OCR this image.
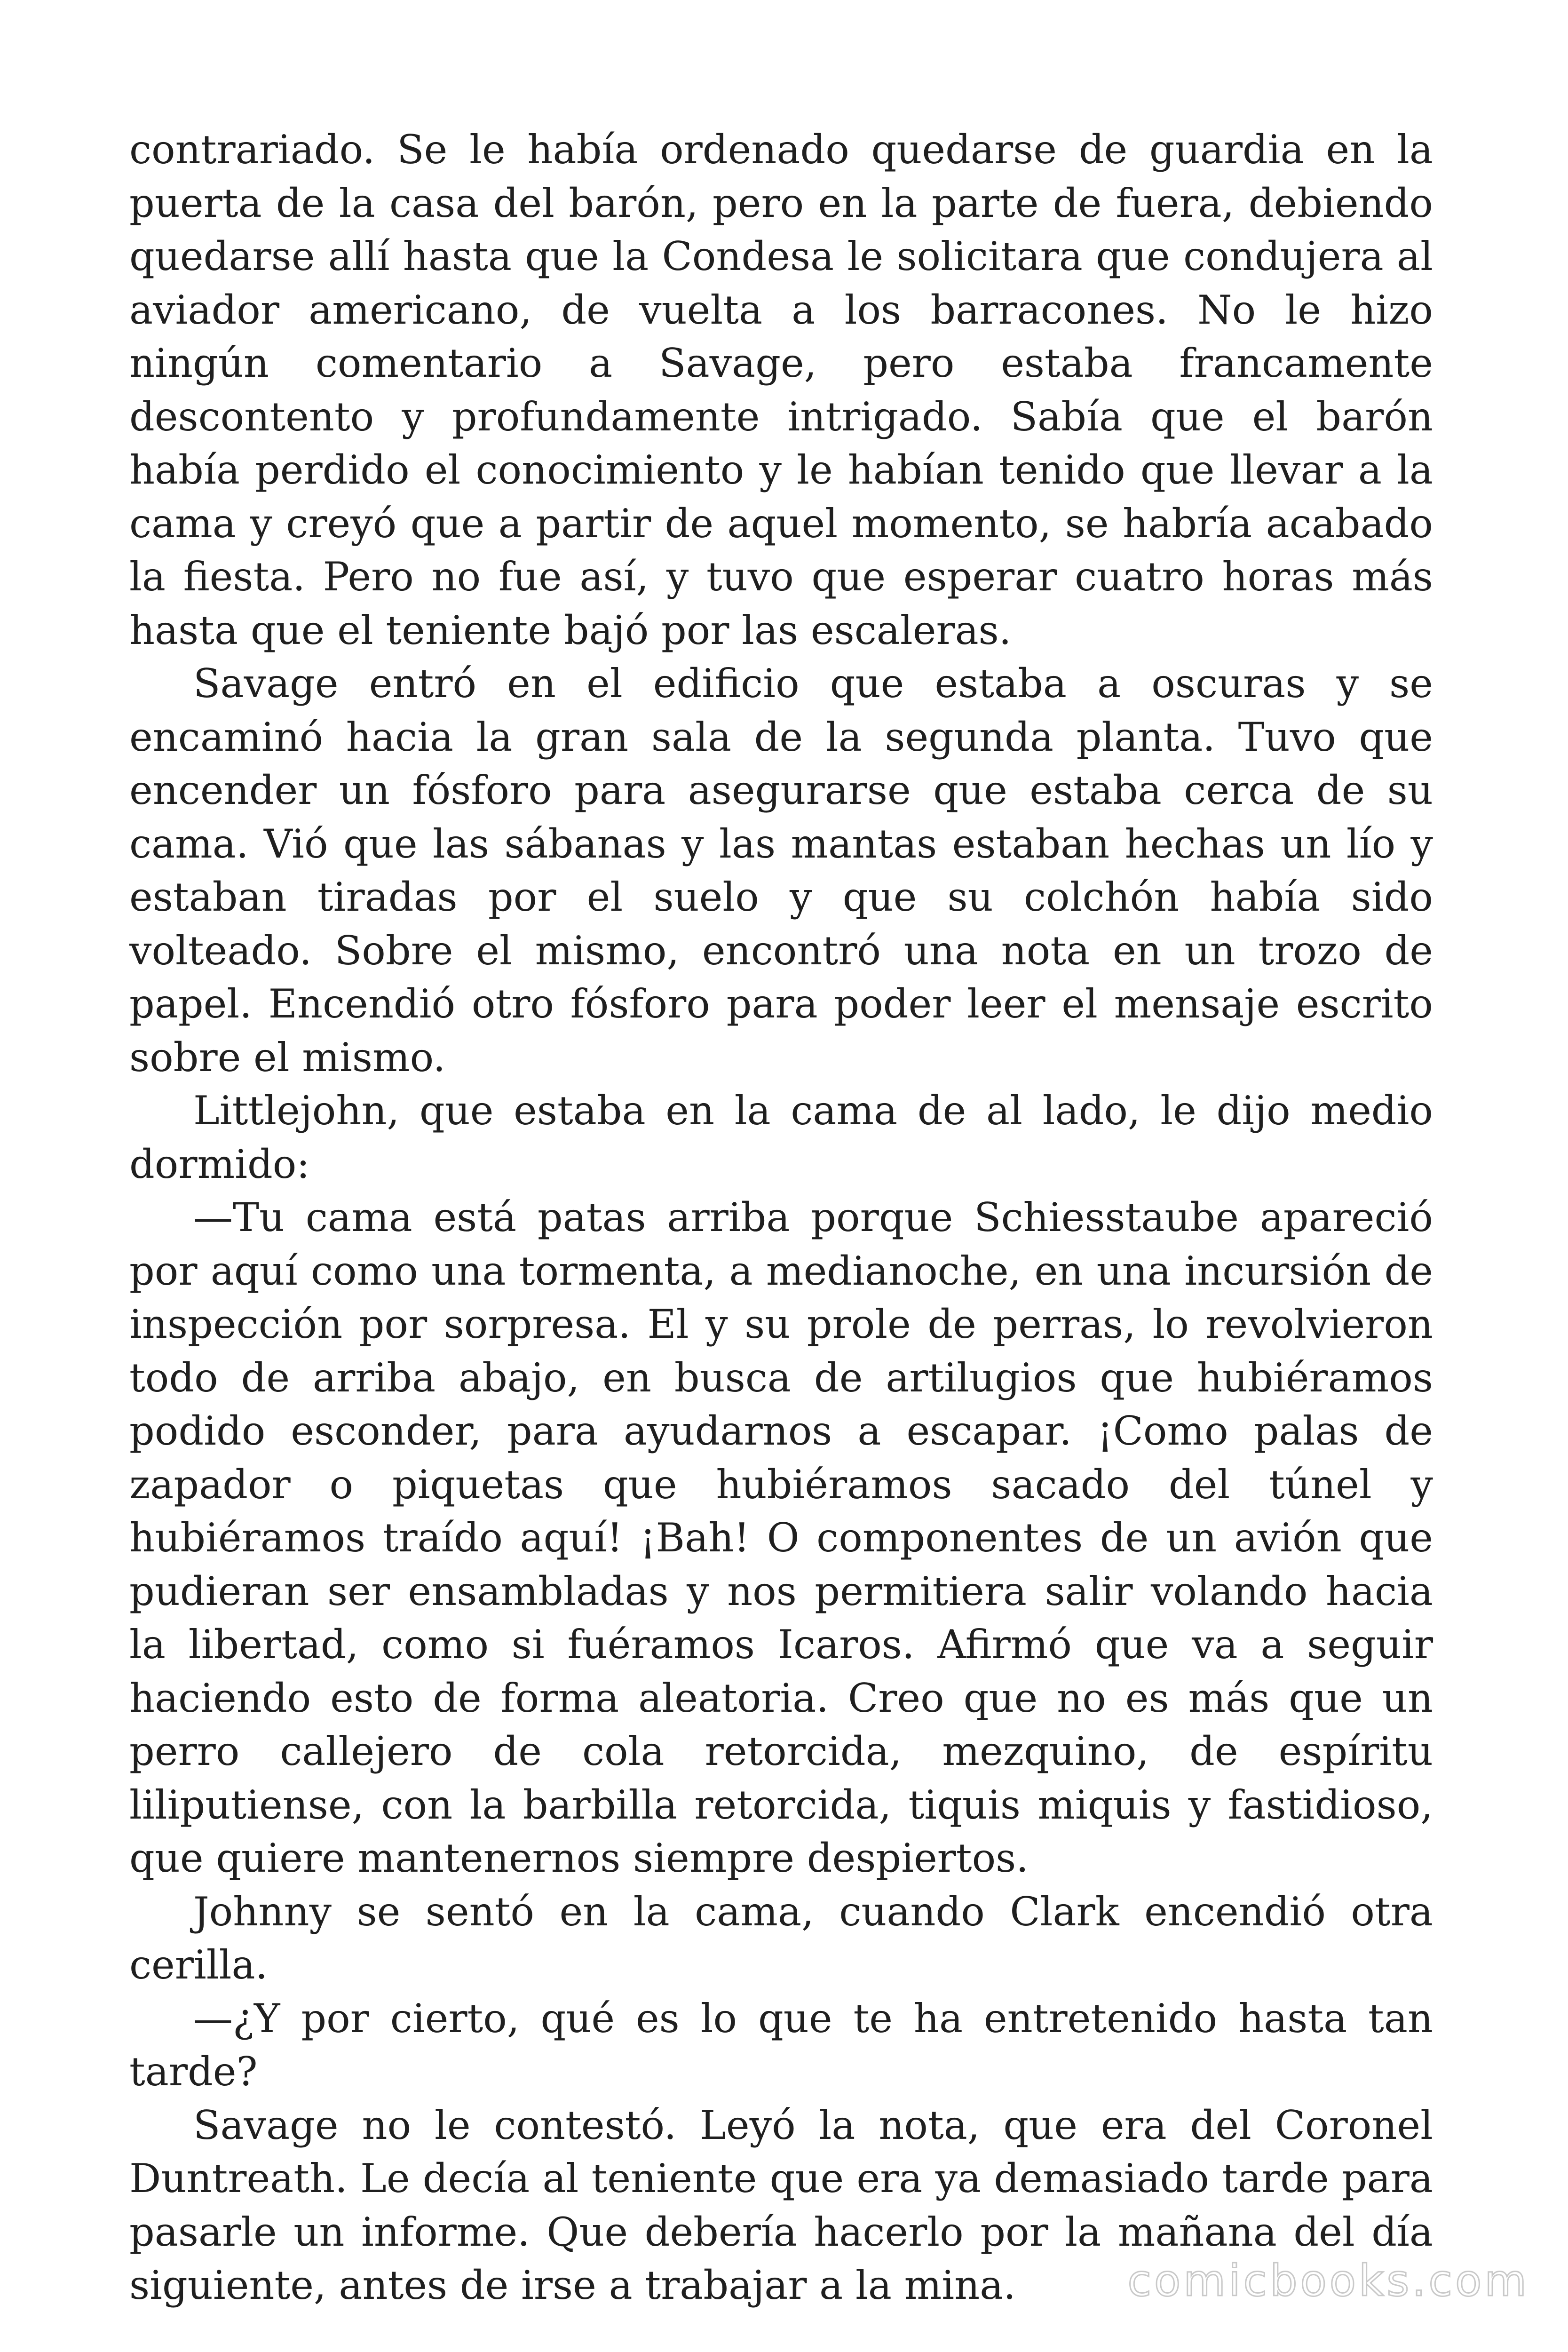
contrariado. Se le había ordenado quedarse de guardia en la puerta de la casa del barón, pero en la parte de fuera, debiendo quedarse allí hasta que la Condesa le solicitara que condujera al aviador americano, de vuelta a los barracones. No le hizo ningún comentario a Savage, pero estaba francamente descontento y profundamente intrigado. Sabía que el barón había perdido el conocimiento y le habían tenido que llevar a la cama y creyó que a partir de aquel momento, se habría acabado la fiesta. Pero no fue así, y tuvo que esperar cuatro horas más hasta que el teniente bajó por las escaleras.

Savage entró en el edificio que estaba a oscuras y se encaminó hacia la gran sala de la segunda planta. Tuvo que encender un fósforo para asegurarse que estaba cerca de su cama. Vió que las sábanas y las mantas estaban hechas un lío y estaban tiradas por el suelo y que su colchón había sido volteado. Sobre el mismo, encontró una nota en un trozo de papel. Encendió otro fósforo para poder leer el mensaje escrito sobre el mismo.

Littlejohn, que estaba en la cama de al lado, le dijo medio dormido:

—Tu cama está patas arriba porque Schiesstaube apareció por aquí como una tormenta, a medianoche, en una incursión de inspección por sorpresa. El y su prole de perras, lo revolvieron todo de arriba abajo, en busca de artilugios que hubiéramos podido esconder, para ayudarnos a escapar. ¡Como palas de zapador o piquetas que hubiéramos sacado del túnel y hubiéramos traído aquí! ¡Bah! O componentes de un avión que pudieran ser ensambladas y nos permitiera salir volando hacia la libertad, como si fuéramos Icaros. Afirmó que va a seguir haciendo esto de forma aleatoria. Creo que no es más que un perro callejero de cola retorcida, mezquino, de espíritu liliputiense, con la barbilla retorcida, tiquis miquis y fastidioso, que quiere mantenernos siempre despiertos.

Johnny se sentó en la cama, cuando Clark encendió otra cerilla.

—¿Y por cierto, qué es lo que te ha entretenido hasta tan tarde?

Savage no le contestó. Leyó la nota, que era del Coronel Duntreath. Le decía al teniente que era ya demasiado tarde para pasarle un informe. Que debería hacerlo por la mañana del día siguiente, antes de irse a trabajar a la mina.	comicbooks.com
